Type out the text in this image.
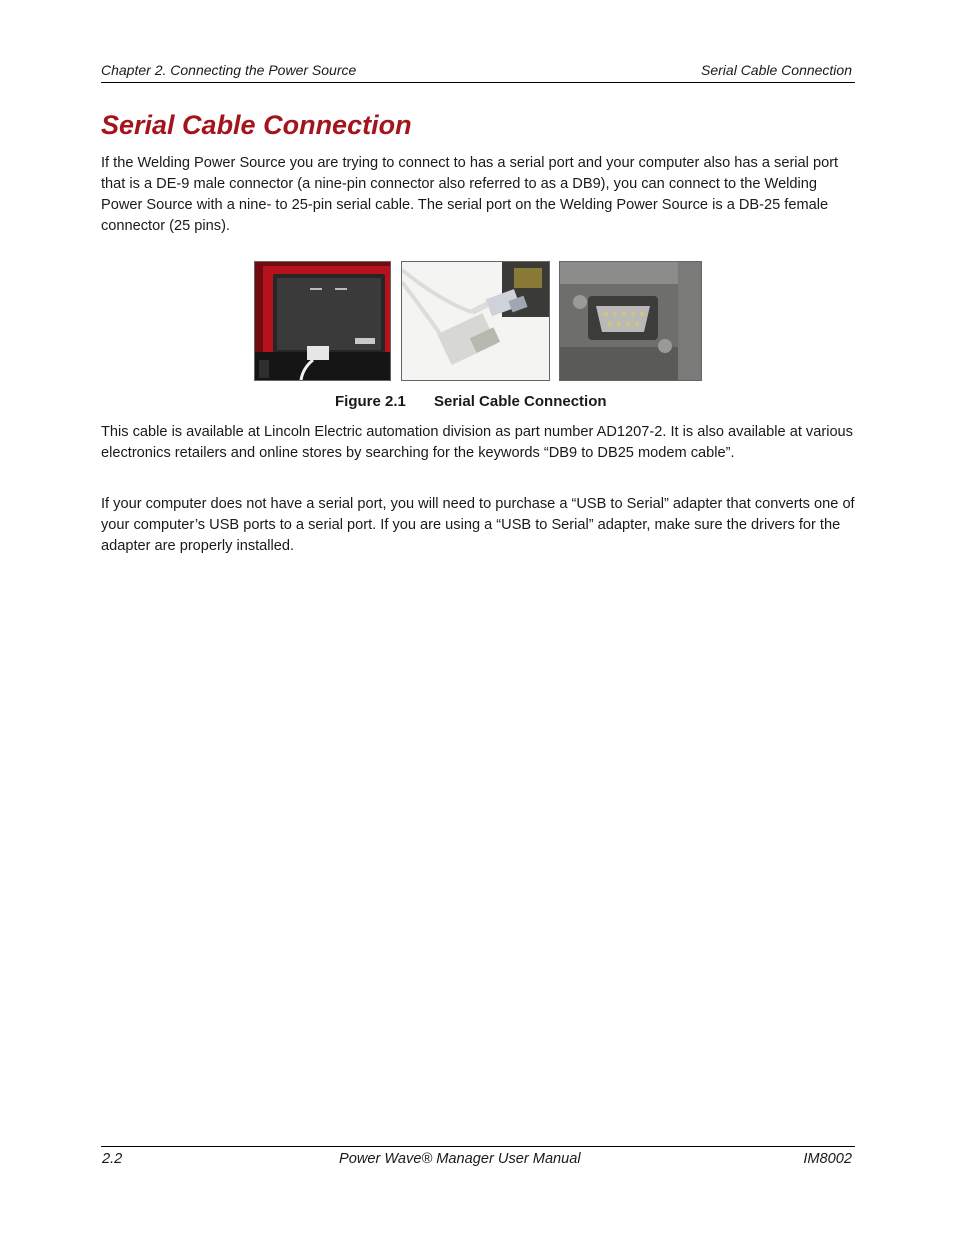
Chapter 2. Connecting the Power Source	Serial Cable Connection
Serial Cable Connection

If the Welding Power Source you are trying to connect to has a serial port and your computer also has a serial port that is a DE-9 male connector (a nine-pin connector also referred to as a DB9), you can connect to the Welding Power Source with a nine- to 25-pin serial cable. The serial port on the Welding Power Source is a DB-25 female connector (25 pins).

Figure 2.1 Serial Cable Connection

This cable is available at Lincoln Electric automation division as part number AD1207-2. It is also available at various electronics retailers and online stores by searching for the keywords “DB9 to DB25 modem cable”.

If your computer does not have a serial port, you will need to purchase a “USB to Serial” adapter that converts one of your computer’s USB ports to a serial port. If you are using a “USB to Serial” adapter, make sure the drivers for the adapter are properly installed.

2.2	Power Wave® Manager User Manual	IM8002
